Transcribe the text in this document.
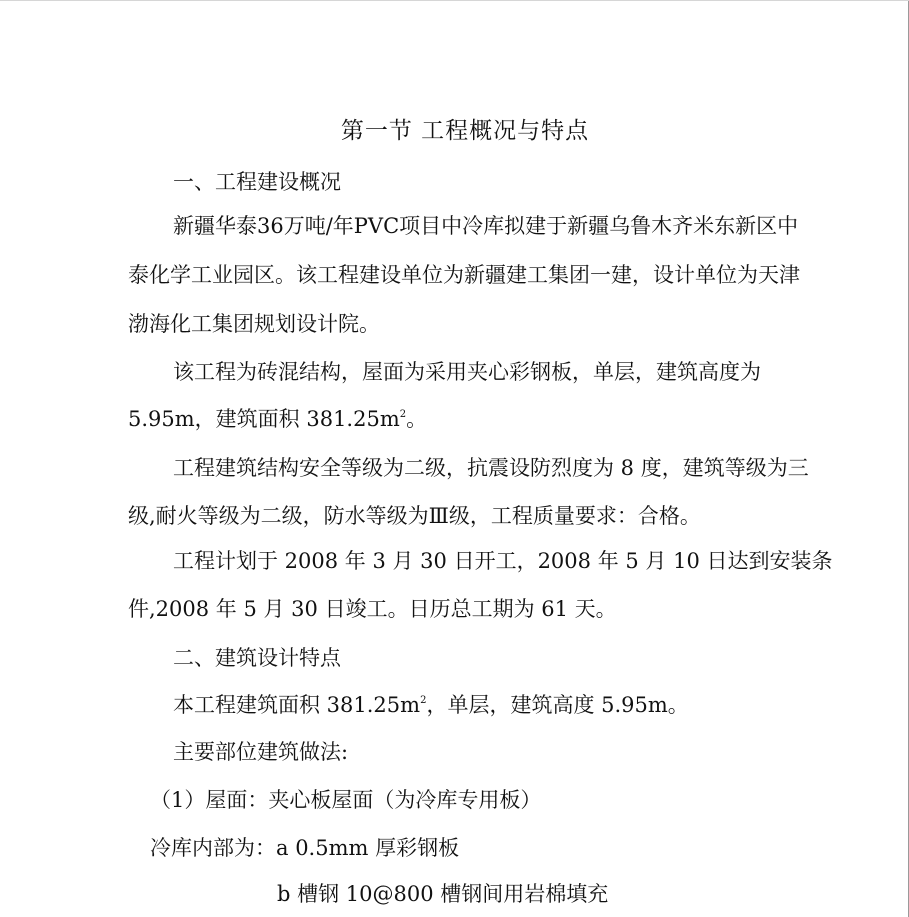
第一节 工程概况与特点
一、工程建设概况
新疆华泰36万吨/年PVC项目中冷库拟建于新疆乌鲁木齐米东新区中
泰化学工业园区。该工程建设单位为新疆建工集团一建，设计单位为天津
渤海化工集团规划设计院。
该工程为砖混结构，屋面为采用夹心彩钢板，单层，建筑高度为
5.95m，建筑面积 $381.25m^2$。
工程建筑结构安全等级为二级，抗震设防烈度为 8 度，建筑等级为三
级,耐火等级为二级，防水等级为Ⅲ级，工程质量要求：合格。
工程计划于 2008 年 3 月 30 日开工，2008 年 5 月 10 日达到安装条
件,2008 年 5 月 30 日竣工。日历总工期为 61 天。
二、建筑设计特点
本工程建筑面积 $381.25m^2$，单层，建筑高度 5.95m。
主要部位建筑做法:
（1）屋面：夹心板屋面（为冷库专用板）
冷库内部为：a 0.5mm 厚彩钢板
b 槽钢 10@800 槽钢间用岩棉填充
